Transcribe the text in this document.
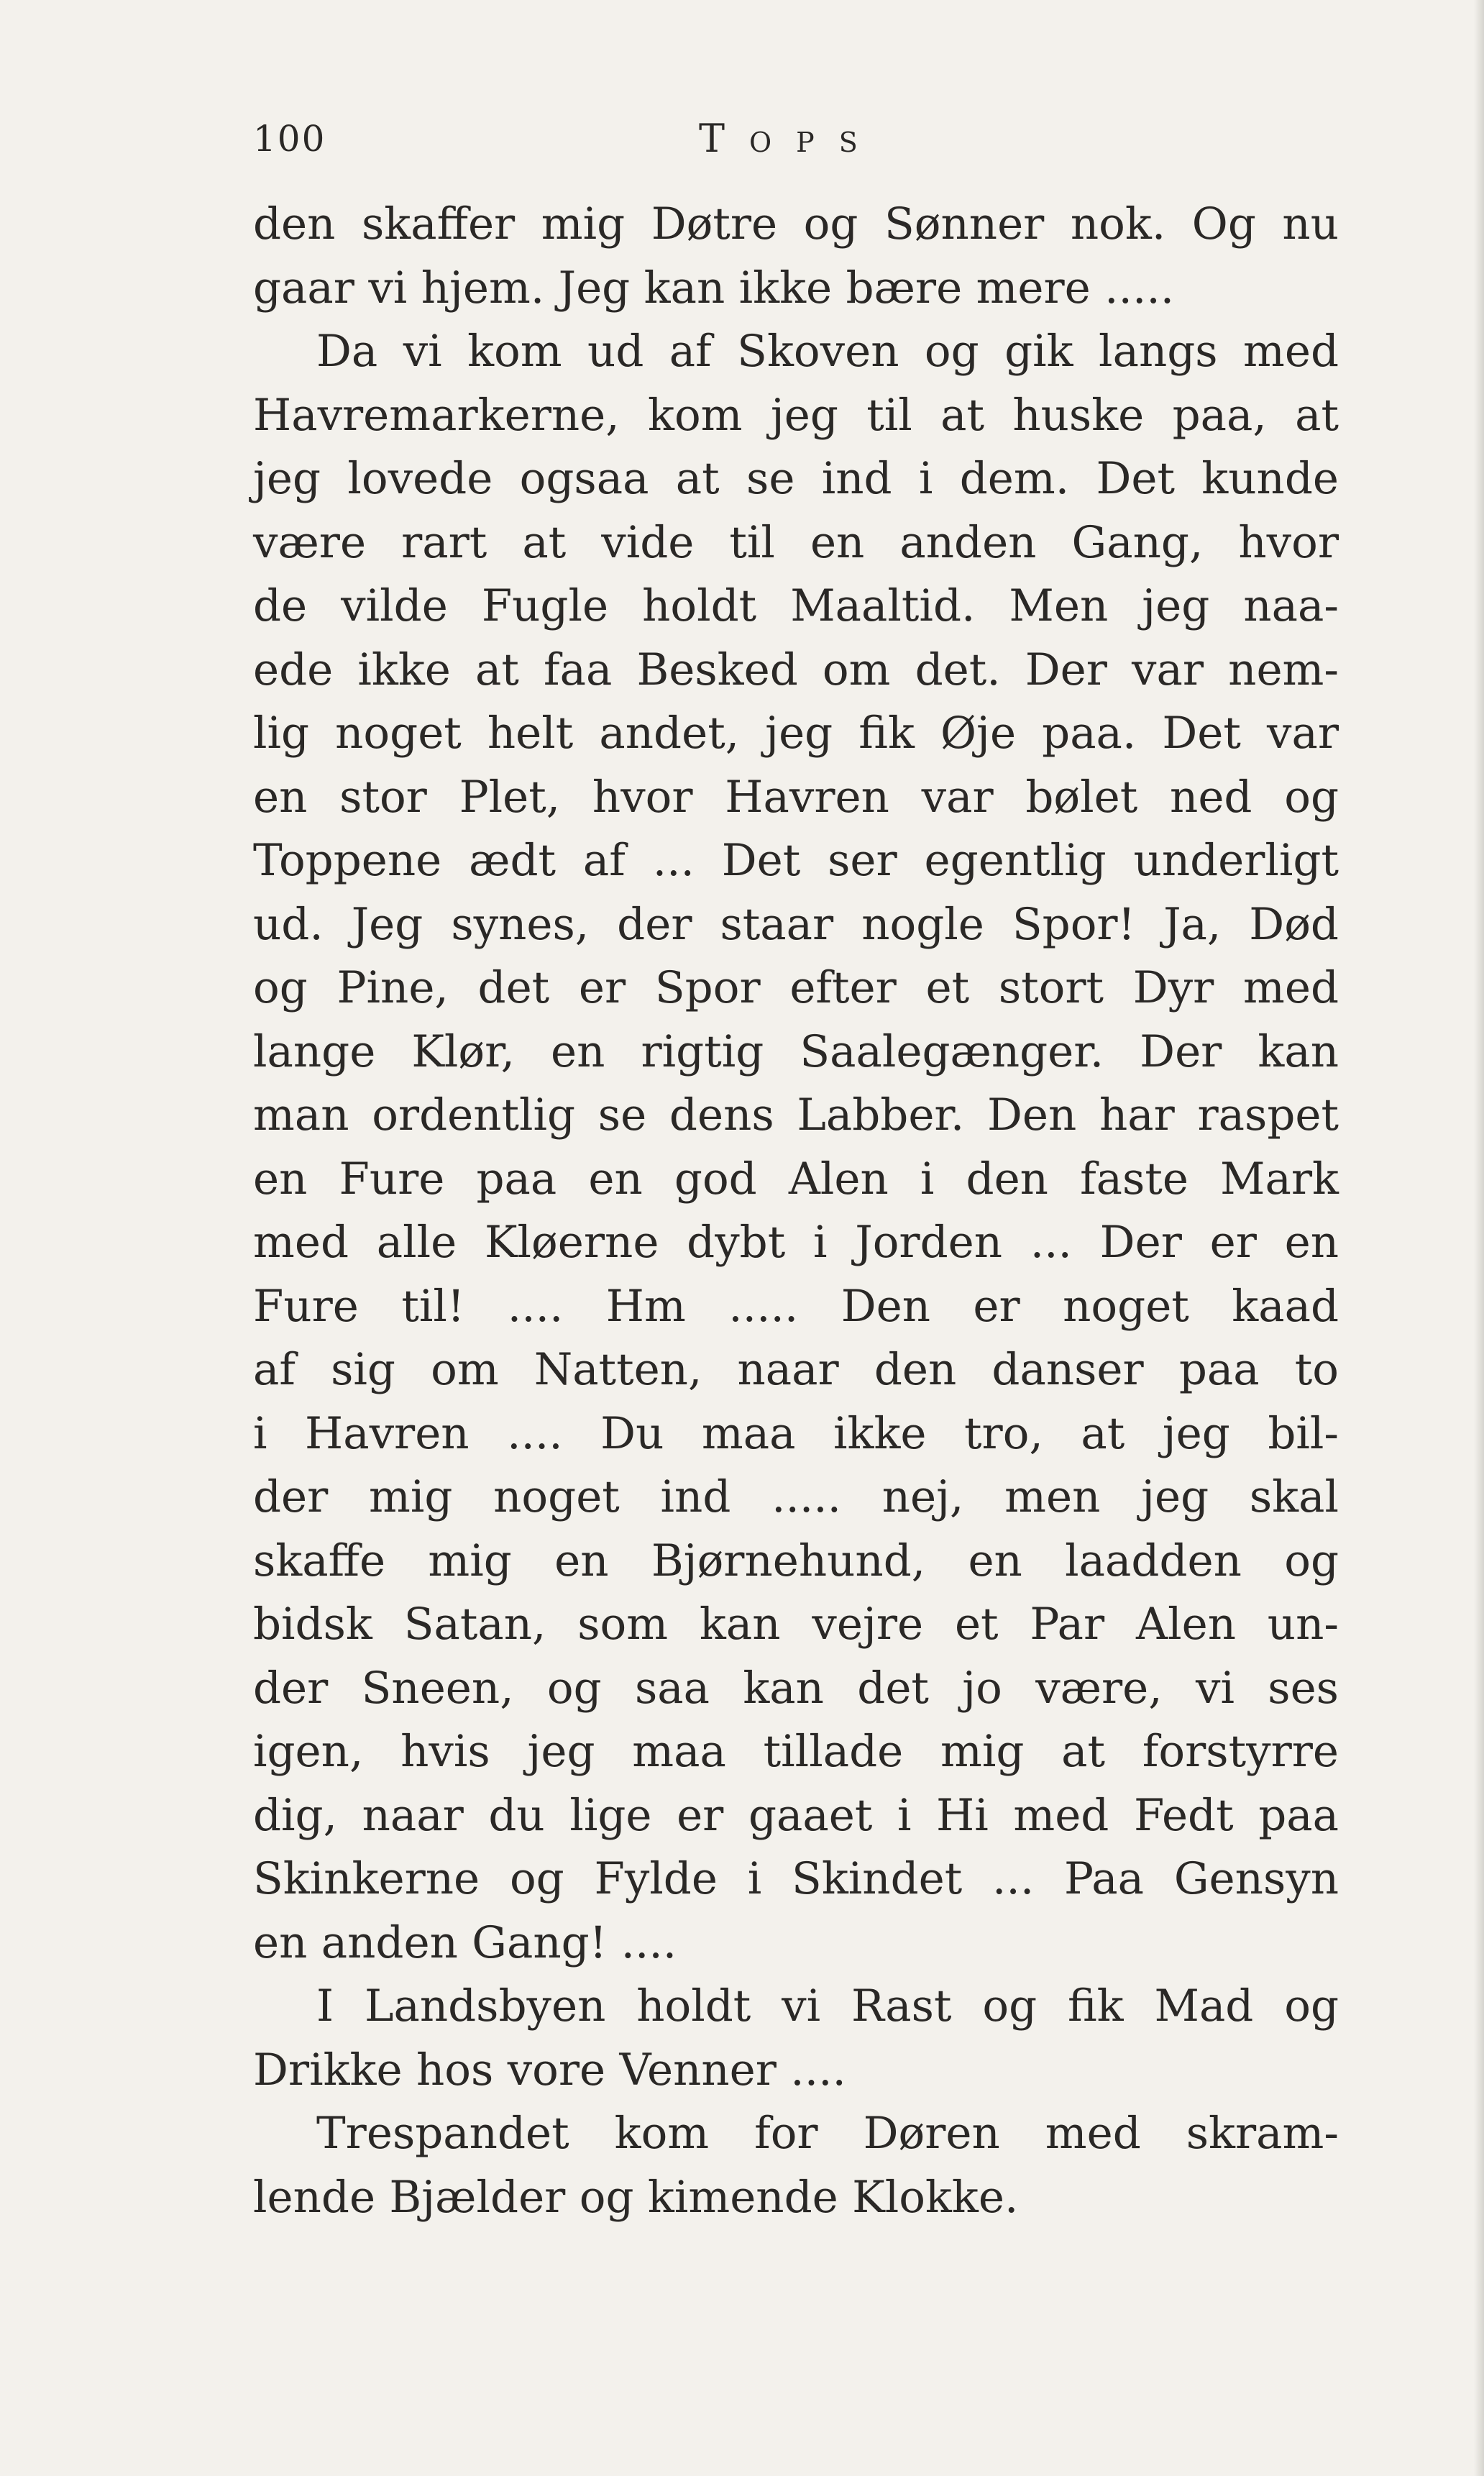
100	Tops
den skaffer mig Døtre og Sønner nok. Og nu
gaar vi hjem. Jeg kan ikke bære mere .....
Da vi kom ud af Skoven og gik langs med
Havremarkerne, kom jeg til at huske paa, at
jeg lovede ogsaa at se ind i dem. Det kunde
være rart at vide til en anden Gang, hvor
de vilde Fugle holdt Maaltid. Men jeg naa-
ede ikke at faa Besked om det. Der var nem-
lig noget helt andet, jeg fik Øje paa. Det var
en stor Plet, hvor Havren var bølet ned og
Toppene ædt af ... Det ser egentlig underligt
ud. Jeg synes, der staar nogle Spor! Ja, Død
og Pine, det er Spor efter et stort Dyr med
lange Klør, en rigtig Saalegænger. Der kan
man ordentlig se dens Labber. Den har raspet
en Fure paa en god Alen i den faste Mark
med alle Kløerne dybt i Jorden ... Der er en
Fure til! .... Hm ..... Den er noget kaad
af sig om Natten, naar den danser paa to
i Havren .... Du maa ikke tro, at jeg bil-
der mig noget ind ..... nej, men jeg skal
skaffe mig en Bjørnehund, en laadden og
bidsk Satan, som kan vejre et Par Alen un-
der Sneen, og saa kan det jo være, vi ses
igen, hvis jeg maa tillade mig at forstyrre
dig, naar du lige er gaaet i Hi med Fedt paa
Skinkerne og Fylde i Skindet ... Paa Gensyn
en anden Gang! ....
I Landsbyen holdt vi Rast og fik Mad og
Drikke hos vore Venner ....
Trespandet kom for Døren med skram-
lende Bjælder og kimende Klokke.
